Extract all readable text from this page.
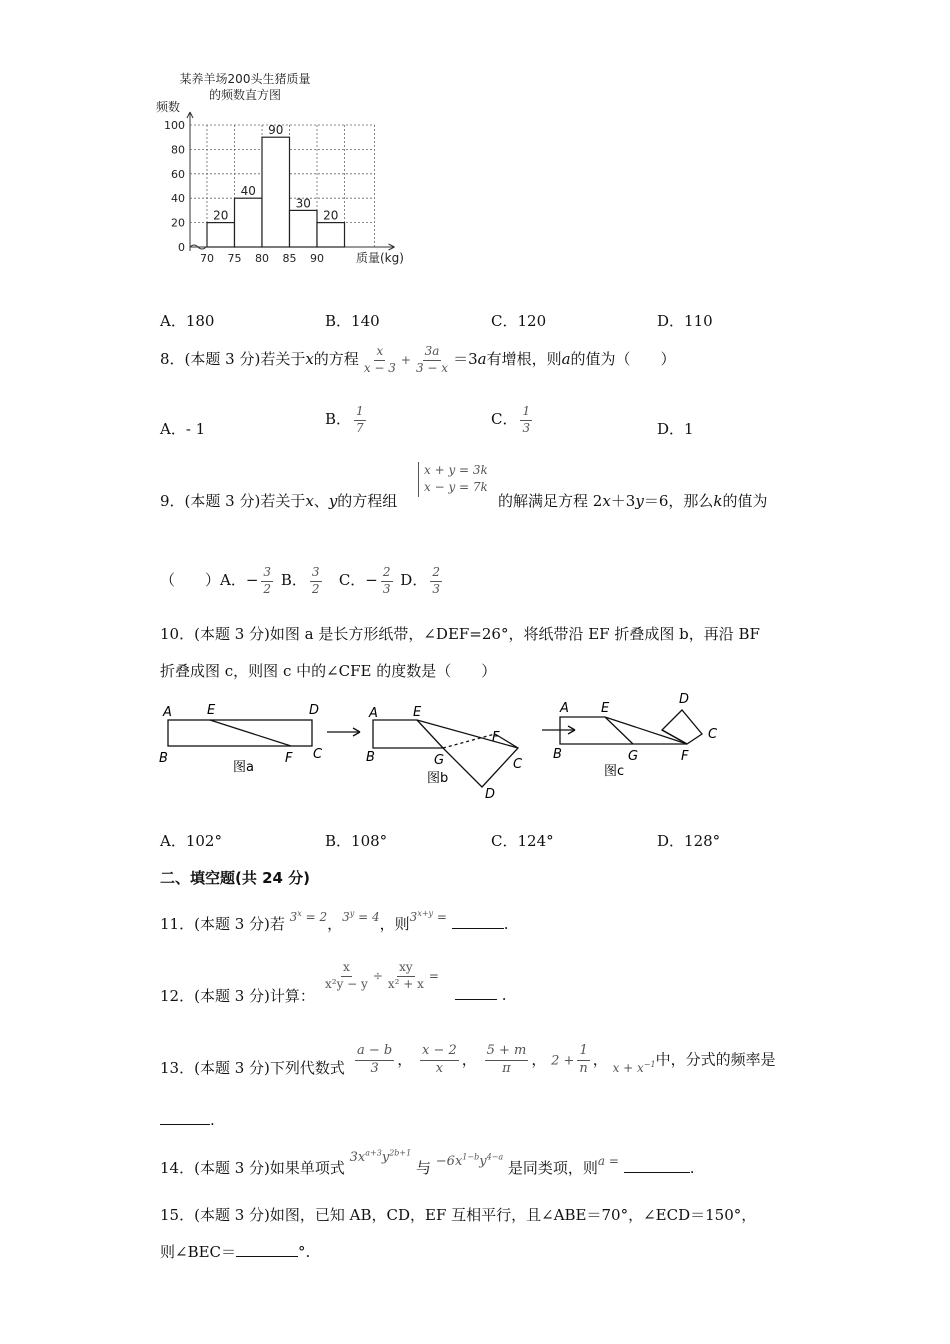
某养羊场200头生猪质量
的频数直方图
频数
20
40
90
30
20
0
20
40
60
80
100
70 75 80 85 90	质量(kg)
A．180	B．140	C．120	D．110
8．(本题 3 分)若关于x的方程 $\frac{x}{x - 3} + \frac{3a}{3 - x} =3a$有增根，则a的值为（　　）
A．- 1
B． $\frac{1}{7}$	C． $\frac{1}{3}$	D．1
9．(本题 3 分)若关于x、y的方程组
x + y = 3k
x − y = 7k
的解满足方程 2x＋3y＝6，那么k的值为
（　　）A．− $\frac{3}{2}$ B． $\frac{3}{2}$ C．− $\frac{2}{3}$ D． $\frac{2}{3}$
10．(本题 3 分)如图 a 是长方形纸带，∠DEF=26°，将纸带沿 EF 折叠成图 b，再沿 BF
折叠成图 c，则图 c 中的∠CFE 的度数是（　　）
A	E	D
B	F C
图a
A	E
F
B	G	C
D
图b
A E
D
C
B	G	F
图c
A．102°	B．108°	C．124°	D．128°
二、填空题(共 24 分)
11．(本题 3 分)若 $^{3^x = 2}$，$^{3^y = 4}$，则$^{3^{x+y} =}$	.
12．(本题 3 分)计算：
$\frac{x}{\text{x²y − y}} \div \frac{xy}{\text{x² + x}}$ =
.
13．(本题 3 分)下列代数式 $\frac{a - b}{3}$ ， $\frac{x - 2}{x}$ ， $\frac{5 + m}{\pi}$ ， $2 + \frac{1}{n}$ ， $_{x + x^{-1}}$中，分式的频率是
.
14．(本题 3 分)如果单项式 $3x^{a+3}y^{2b+1}$ 与 $-6x^{1-b}y^{4-a}$ 是同类项，则$^{a =}$	.
15．(本题 3 分)如图，已知 AB，CD，EF 互相平行，且∠ABE＝70°，∠ECD＝150°，
则∠BEC＝	°.
